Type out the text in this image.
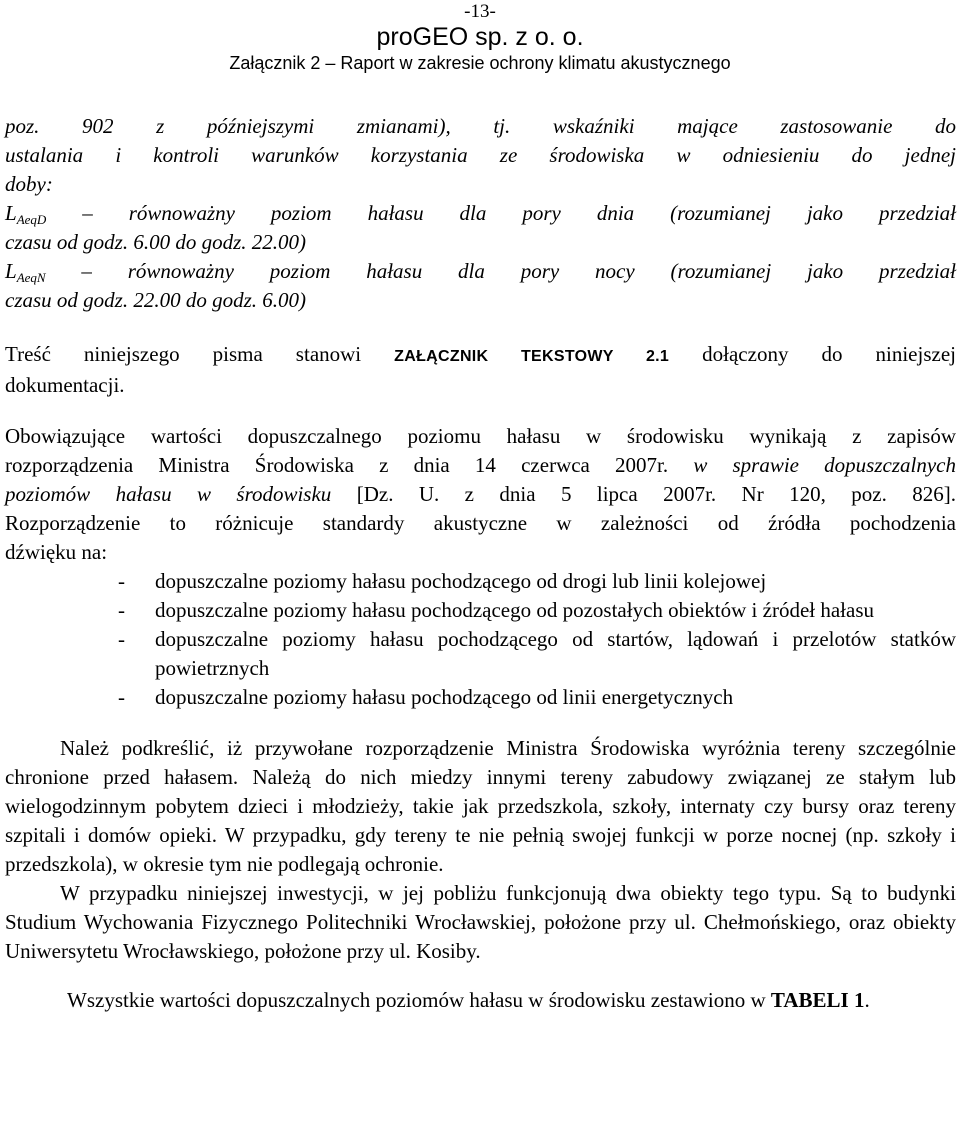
-13-
proGEO sp. z o. o.
Załącznik 2 – Raport w zakresie ochrony klimatu akustycznego

poz. 902 z późniejszymi zmianami), tj. wskaźniki mające zastosowanie do

ustalania i kontroli warunków korzystania ze środowiska w odniesieniu do jednej

doby:

$L_{AeqD}$ – równoważny poziom hałasu dla pory dnia (rozumianej jako przedział

czasu od godz. 6.00 do godz. 22.00)

$L_{AeqN}$ – równoważny poziom hałasu dla pory nocy (rozumianej jako przedział

czasu od godz. 22.00 do godz. 6.00)

Treść niniejszego pisma stanowi ZAŁĄCZNIK TEKSTOWY 2.1 dołączony do niniejszej

dokumentacji.

Obowiązujące wartości dopuszczalnego poziomu hałasu w środowisku wynikają z zapisów

rozporządzenia Ministra Środowiska z dnia 14 czerwca 2007r. w sprawie dopuszczalnych

poziomów hałasu w środowisku [Dz. U. z dnia 5 lipca 2007r. Nr 120, poz. 826].

Rozporządzenie to różnicuje standardy akustyczne w zależności od źródła pochodzenia

dźwięku na:

- dopuszczalne poziomy hałasu pochodzącego od drogi lub linii kolejowej
- dopuszczalne poziomy hałasu pochodzącego od pozostałych obiektów i źródeł hałasu
- dopuszczalne poziomy hałasu pochodzącego od startów, lądowań i przelotów statków powietrznych
- dopuszczalne poziomy hałasu pochodzącego od linii energetycznych

Należ podkreślić, iż przywołane rozporządzenie Ministra Środowiska wyróżnia tereny szczególnie chronione przed hałasem. Należą do nich miedzy innymi tereny zabudowy związanej ze stałym lub wielogodzinnym pobytem dzieci i młodzieży, takie jak przedszkola, szkoły, internaty czy bursy oraz tereny szpitali i domów opieki. W przypadku, gdy tereny te nie pełnią swojej funkcji w porze nocnej (np. szkoły i przedszkola), w okresie tym nie podlegają ochronie.

W przypadku niniejszej inwestycji, w jej pobliżu funkcjonują dwa obiekty tego typu. Są to budynki Studium Wychowania Fizycznego Politechniki Wrocławskiej, położone przy ul. Chełmońskiego, oraz obiekty Uniwersytetu Wrocławskiego, położone przy ul. Kosiby.

Wszystkie wartości dopuszczalnych poziomów hałasu w środowisku zestawiono w TABELI 1.
